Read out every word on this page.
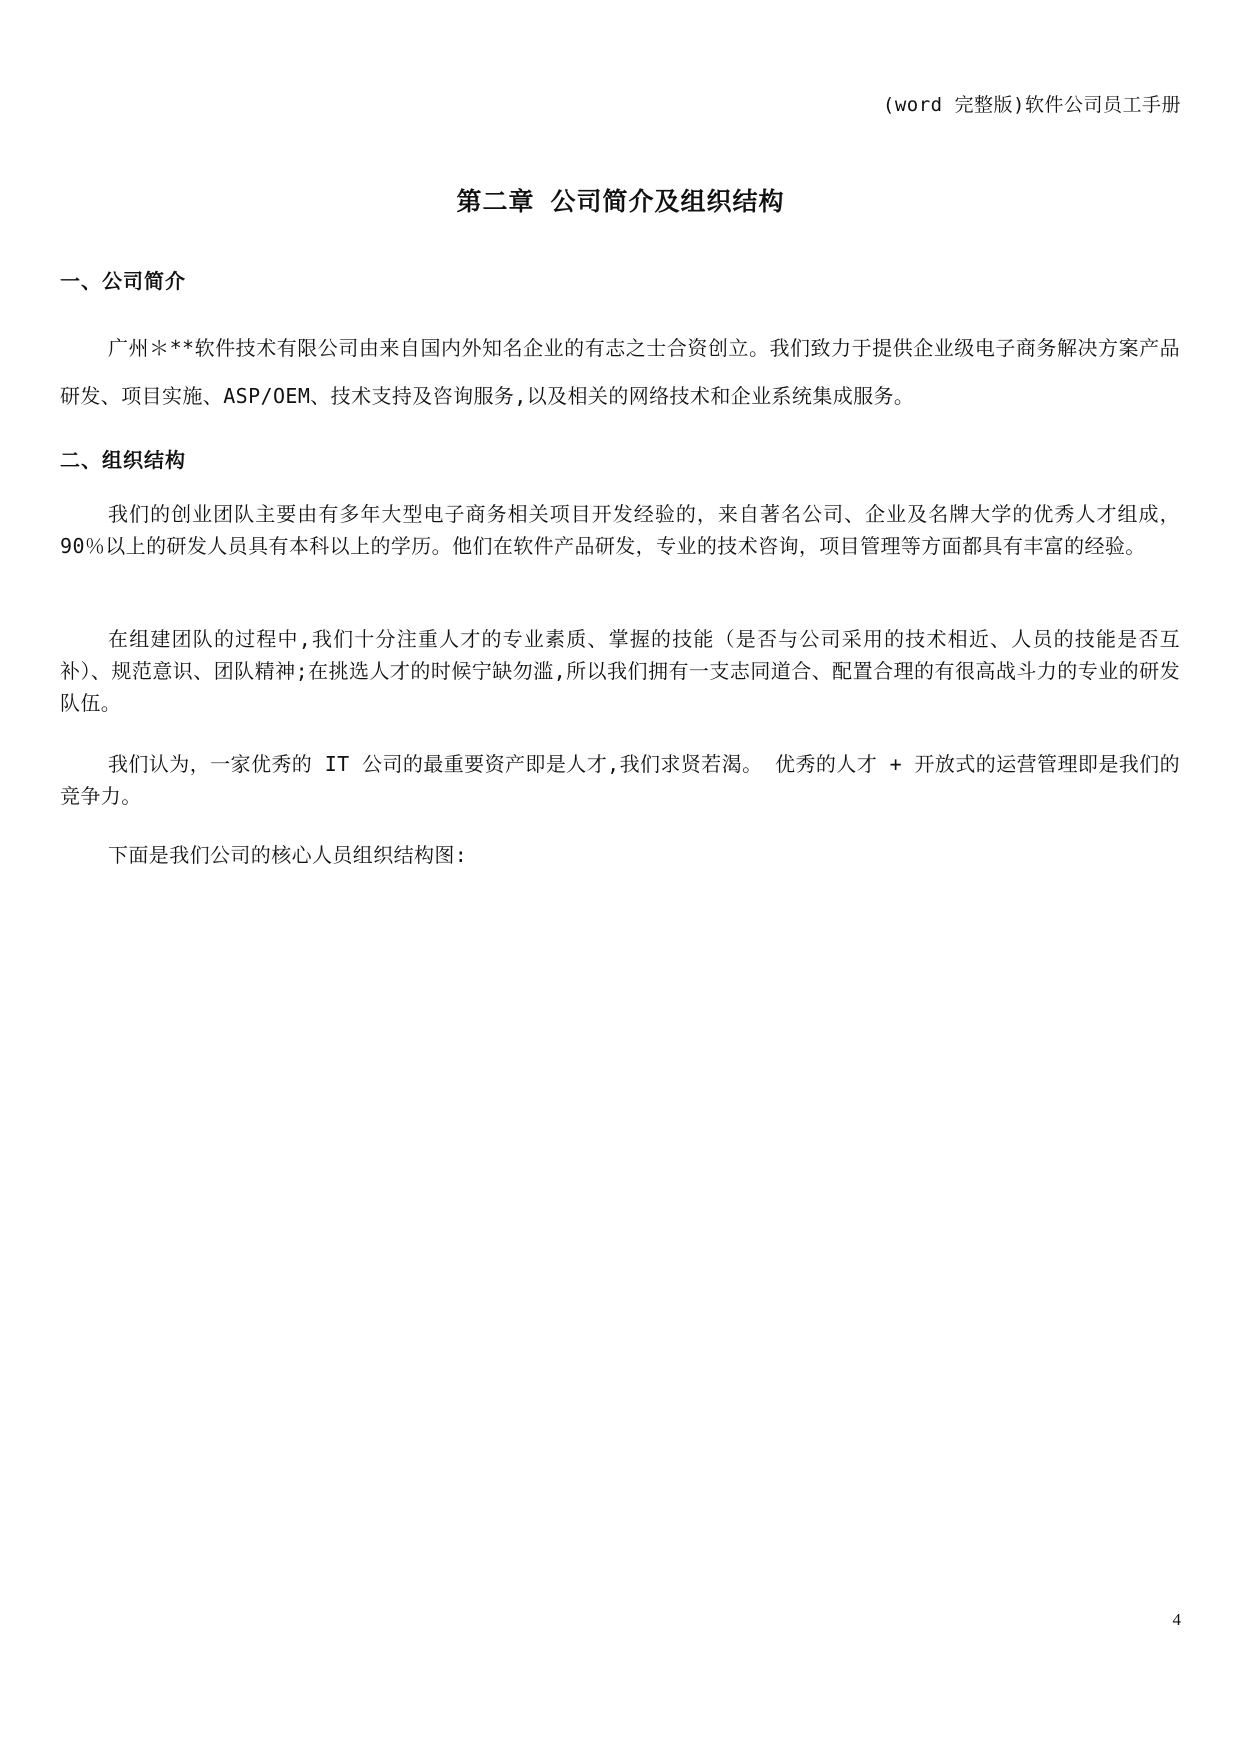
(word 完整版)软件公司员工手册
第二章 公司简介及组织结构
一、公司简介
广州＊**软件技术有限公司由来自国内外知名企业的有志之士合资创立。我们致力于提供企业级电子商务解决方案产品研发、项目实施、ASP/OEM、技术支持及咨询服务,以及相关的网络技术和企业系统集成服务。
二、组织结构
我们的创业团队主要由有多年大型电子商务相关项目开发经验的，来自著名公司、企业及名牌大学的优秀人才组成，90％以上的研发人员具有本科以上的学历。他们在软件产品研发，专业的技术咨询，项目管理等方面都具有丰富的经验。
在组建团队的过程中,我们十分注重人才的专业素质、掌握的技能（是否与公司采用的技术相近、人员的技能是否互补）、规范意识、团队精神;在挑选人才的时候宁缺勿滥,所以我们拥有一支志同道合、配置合理的有很高战斗力的专业的研发队伍。
我们认为，一家优秀的 IT 公司的最重要资产即是人才,我们求贤若渴。 优秀的人才 + 开放式的运营管理即是我们的竞争力。
下面是我们公司的核心人员组织结构图:
4
